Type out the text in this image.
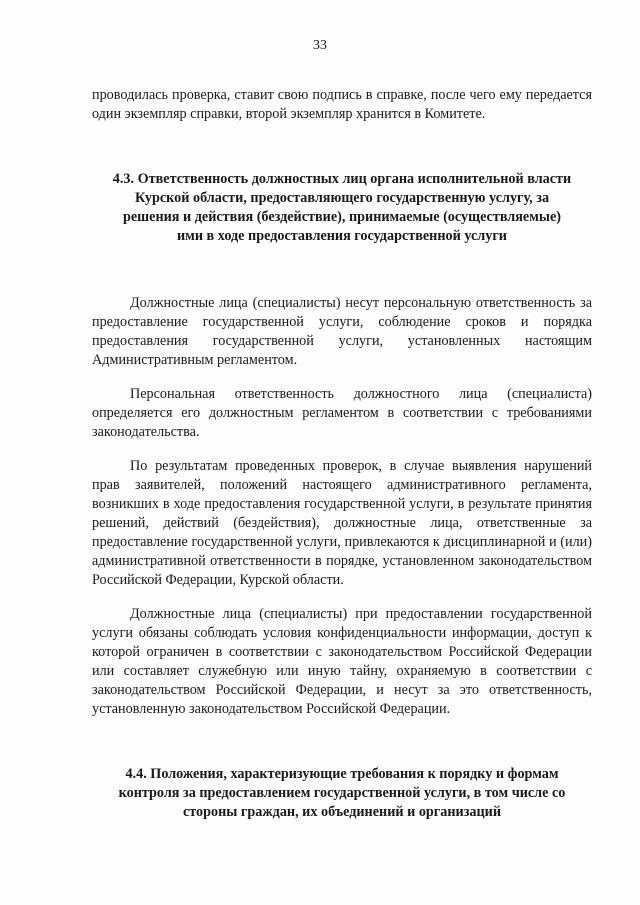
33

проводилась проверка, ставит свою подпись в справке, после чего ему передается один экземпляр справки, второй экземпляр хранится в Комитете.

4.3. Ответственность должностных лиц органа исполнительной власти Курской области, предоставляющего государственную услугу, за решения и действия (бездействие), принимаемые (осуществляемые) ими в ходе предоставления государственной услуги

Должностные лица (специалисты) несут персональную ответственность за предоставление государственной услуги, соблюдение сроков и порядка предоставления государственной услуги, установленных настоящим Административным регламентом.

Персональная ответственность должностного лица (специалиста) определяется его должностным регламентом в соответствии с требованиями законодательства.

По результатам проведенных проверок, в случае выявления нарушений прав заявителей, положений настоящего административного регламента, возникших в ходе предоставления государственной услуги, в результате принятия решений, действий (бездействия), должностные лица, ответственные за предоставление государственной услуги, привлекаются к дисциплинарной и (или) административной ответственности в порядке, установленном законодательством Российской Федерации, Курской области.

Должностные лица (специалисты) при предоставлении государственной услуги обязаны соблюдать условия конфиденциальности информации, доступ к которой ограничен в соответствии с законодательством Российской Федерации или составляет служебную или иную тайну, охраняемую в соответствии с законодательством Российской Федерации, и несут за это ответственность, установленную законодательством Российской Федерации.

4.4. Положения, характеризующие требования к порядку и формам контроля за предоставлением государственной услуги, в том числе со стороны граждан, их объединений и организаций
